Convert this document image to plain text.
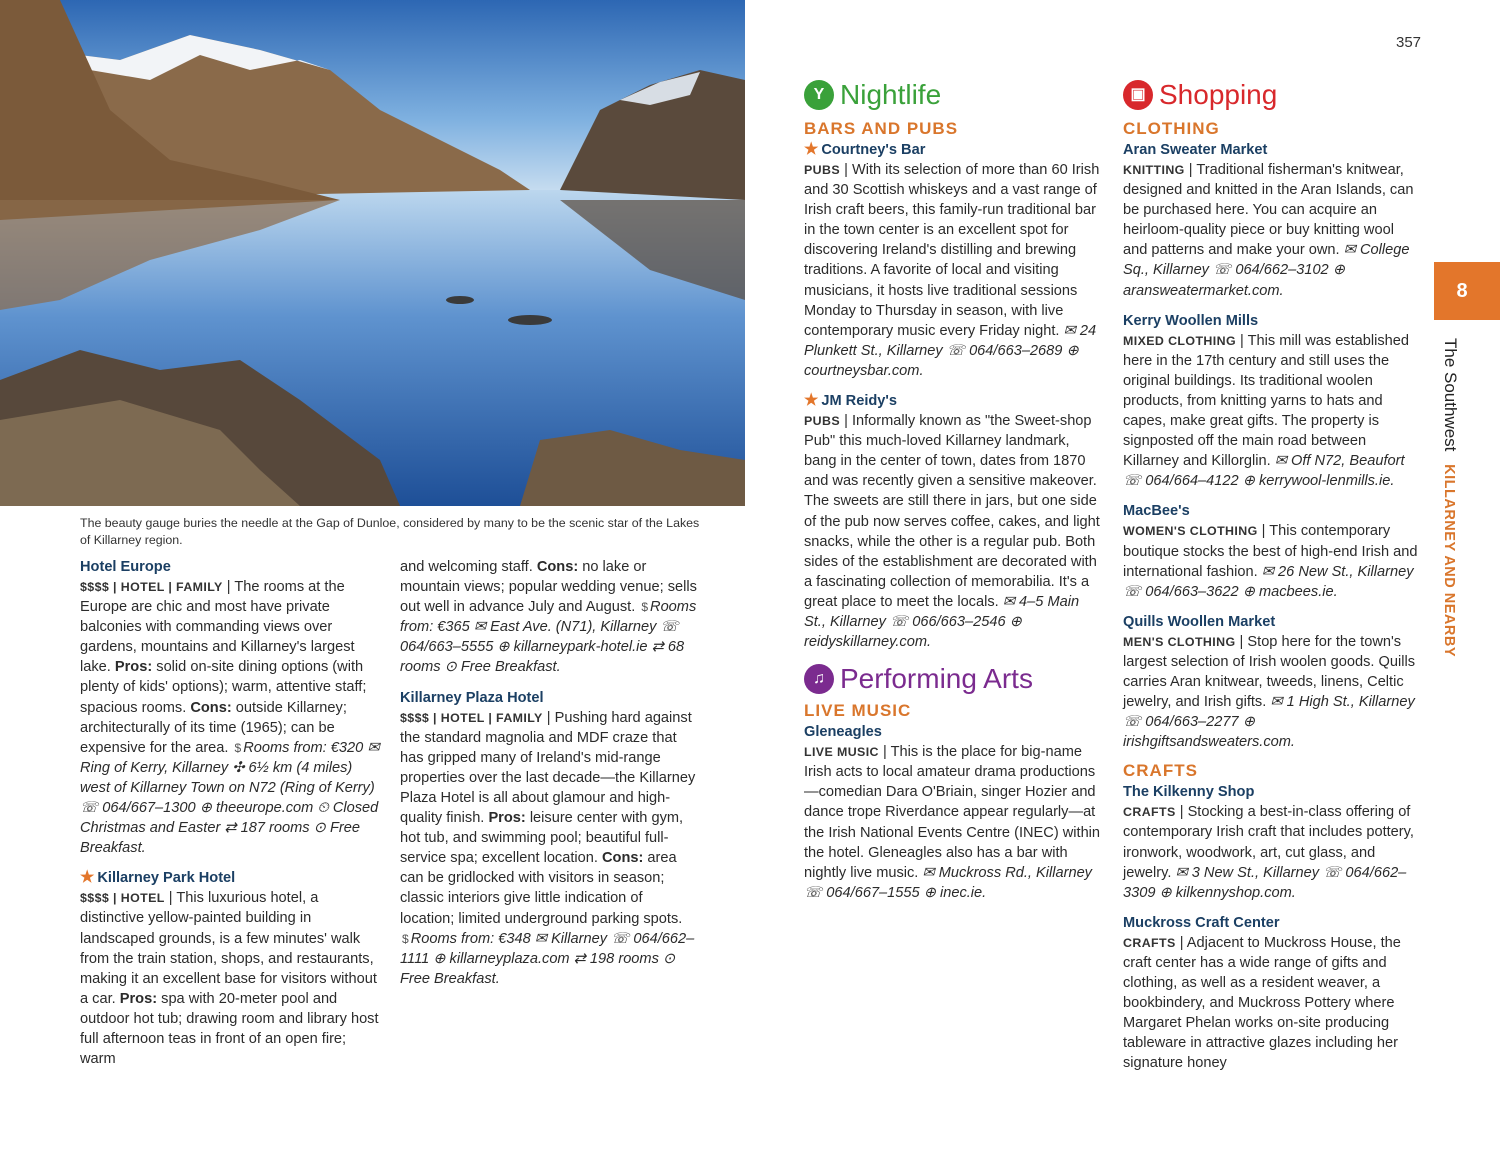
The beauty gauge buries the needle at the Gap of Dunloe, considered by many to be the scenic star of the Lakes of Killarney region.
357
8
The Southwest KILLARNEY AND NEARBY
Hotel Europe

$$$$ | HOTEL | FAMILY | The rooms at the Europe are chic and most have private balconies with commanding views over gardens, mountains and Killarney's largest lake. Pros: solid on-site dining options (with plenty of kids' options); warm, attentive staff; spacious rooms. Cons: outside Killarney; architecturally of its time (1965); can be expensive for the area. $ Rooms from: €320 ✉ Ring of Kerry, Killarney ✣ 6½ km (4 miles) west of Killarney Town on N72 (Ring of Kerry) ☏ 064/667–1300 ⊕ theeurope.com ⏲ Closed Christmas and Easter ⇄ 187 rooms ⊙ Free Breakfast.

★ Killarney Park Hotel

$$$$ | HOTEL | This luxurious hotel, a distinctive yellow-painted building in landscaped grounds, is a few minutes' walk from the train station, shops, and restaurants, making it an excellent base for visitors without a car. Pros: spa with 20-meter pool and outdoor hot tub; drawing room and library host full afternoon teas in front of an open fire; warm

and welcoming staff. Cons: no lake or mountain views; popular wedding venue; sells out well in advance July and August. $ Rooms from: €365 ✉ East Ave. (N71), Killarney ☏ 064/663–5555 ⊕ killarneypark-hotel.ie ⇄ 68 rooms ⊙ Free Breakfast.

Killarney Plaza Hotel

$$$$ | HOTEL | FAMILY | Pushing hard against the standard magnolia and MDF craze that has gripped many of Ireland's mid-range properties over the last decade—the Killarney Plaza Hotel is all about glamour and high-quality finish. Pros: leisure center with gym, hot tub, and swimming pool; beautiful full-service spa; excellent location. Cons: area can be gridlocked with visitors in season; classic interiors give little indication of location; limited underground parking spots. $ Rooms from: €348 ✉ Killarney ☏ 064/662–1111 ⊕ killarneyplaza.com ⇄ 198 rooms ⊙ Free Breakfast.

Y Nightlife
BARS AND PUBS
★ Courtney's Bar

PUBS | With its selection of more than 60 Irish and 30 Scottish whiskeys and a vast range of Irish craft beers, this family-run traditional bar in the town center is an excellent spot for discovering Ireland's distilling and brewing traditions. A favorite of local and visiting musicians, it hosts live traditional sessions Monday to Thursday in season, with live contemporary music every Friday night. ✉ 24 Plunkett St., Killarney ☏ 064/663–2689 ⊕ courtneysbar.com.

★ JM Reidy's

PUBS | Informally known as "the Sweet-shop Pub" this much-loved Killarney landmark, bang in the center of town, dates from 1870 and was recently given a sensitive makeover. The sweets are still there in jars, but one side of the pub now serves coffee, cakes, and light snacks, while the other is a regular pub. Both sides of the establishment are decorated with a fascinating collection of memorabilia. It's a great place to meet the locals. ✉ 4–5 Main St., Killarney ☏ 066/663–2546 ⊕ reidyskillarney.com.

♫ Performing Arts
LIVE MUSIC
Gleneagles

LIVE MUSIC | This is the place for big-name Irish acts to local amateur drama productions—comedian Dara O'Briain, singer Hozier and dance trope Riverdance appear regularly—at the Irish National Events Centre (INEC) within the hotel. Gleneagles also has a bar with nightly live music. ✉ Muckross Rd., Killarney ☏ 064/667–1555 ⊕ inec.ie.

▣ Shopping
CLOTHING
Aran Sweater Market

KNITTING | Traditional fisherman's knitwear, designed and knitted in the Aran Islands, can be purchased here. You can acquire an heirloom-quality piece or buy knitting wool and patterns and make your own. ✉ College Sq., Killarney ☏ 064/662–3102 ⊕ aransweatermarket.com.

Kerry Woollen Mills

MIXED CLOTHING | This mill was established here in the 17th century and still uses the original buildings. Its traditional woolen products, from knitting yarns to hats and capes, make great gifts. The property is signposted off the main road between Killarney and Killorglin. ✉ Off N72, Beaufort ☏ 064/664–4122 ⊕ kerrywool-lenmills.ie.

MacBee's

WOMEN'S CLOTHING | This contemporary boutique stocks the best of high-end Irish and international fashion. ✉ 26 New St., Killarney ☏ 064/663–3622 ⊕ macbees.ie.

Quills Woollen Market

MEN'S CLOTHING | Stop here for the town's largest selection of Irish woolen goods. Quills carries Aran knitwear, tweeds, linens, Celtic jewelry, and Irish gifts. ✉ 1 High St., Killarney ☏ 064/663–2277 ⊕ irishgiftsandsweaters.com.

CRAFTS
The Kilkenny Shop

CRAFTS | Stocking a best-in-class offering of contemporary Irish craft that includes pottery, ironwork, woodwork, art, cut glass, and jewelry. ✉ 3 New St., Killarney ☏ 064/662–3309 ⊕ kilkennyshop.com.

Muckross Craft Center

CRAFTS | Adjacent to Muckross House, the craft center has a wide range of gifts and clothing, as well as a resident weaver, a bookbindery, and Muckross Pottery where Margaret Phelan works on-site producing tableware in attractive glazes including her signature honey
